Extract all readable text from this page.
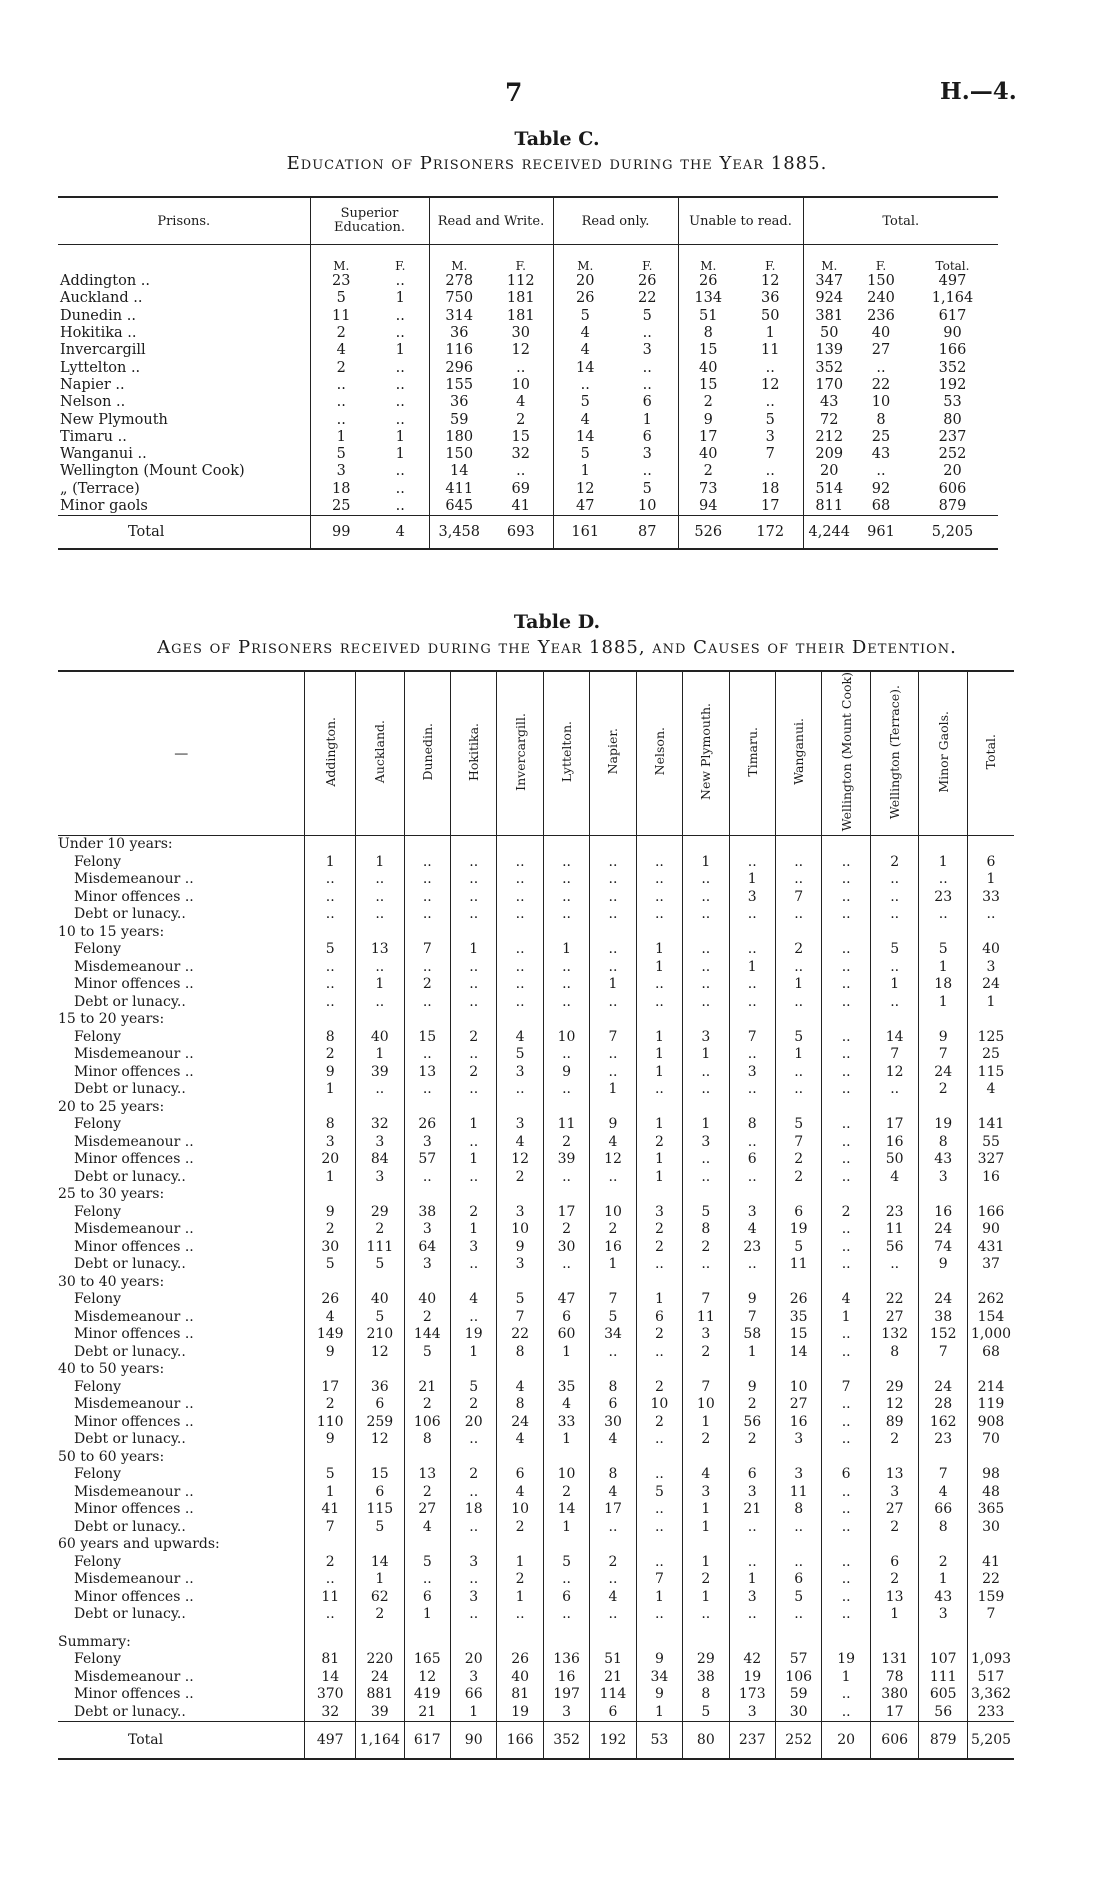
7	H.—4.
Table C.
Education of Prisoners received during the Year 1885.
Prisons.	Superior Education.		Read and Write.		Read only.		Unable to read.		Total.		
	M.	F.	M.	F.	M.	F.	M.	F.	M.	F.	Total.
Addington ..	23	..	278	112	20	26	26	12	347	150	497
Auckland ..	5	1	750	181	26	22	134	36	924	240	1,164
Dunedin ..	11	..	314	181	5	5	51	50	381	236	617
Hokitika ..	2	..	36	30	4	..	8	1	50	40	90
Invercargill	4	1	116	12	4	3	15	11	139	27	166
Lyttelton ..	2	..	296	..	14	..	40	..	352	..	352
Napier ..	..	..	155	10	..	..	15	12	170	22	192
Nelson ..	..	..	36	4	5	6	2	..	43	10	53
New Plymouth	..	..	59	2	4	1	9	5	72	8	80
Timaru ..	1	1	180	15	14	6	17	3	212	25	237
Wanganui ..	5	1	150	32	5	3	40	7	209	43	252
Wellington (Mount Cook)	3	..	14	..	1	..	2	..	20	..	20
„ (Terrace)	18	..	411	69	12	5	73	18	514	92	606
Minor gaols	25	..	645	41	47	10	94	17	811	68	879
Total	99	4	3,458	693	161	87	526	172	4,244	961	5,205
Table D.
Ages of Prisoners received during the Year 1885, and Causes of their Detention.
—	Addington.	Auckland.	Dunedin.	Hokitika.	Invercargill.	Lyttelton.	Napier.	Nelson.	New Plymouth.	Timaru.	Wanganui.	Wellington (Mount Cook)	Wellington (Terrace).	Minor Gaols.	Total.
Under 10 years:															
Felony	1	1	..	..	..	..	..	..	1	..	..	..	2	1	6
Misdemeanour ..	..	..	..	..	..	..	..	..	..	1	..	..	..	..	1
Minor offences ..	..	..	..	..	..	..	..	..	..	3	7	..	..	23	33
Debt or lunacy..	..	..	..	..	..	..	..	..	..	..	..	..	..	..	..
10 to 15 years:															
Felony	5	13	7	1	..	1	..	1	..	..	2	..	5	5	40
Misdemeanour ..	..	..	..	..	..	..	..	1	..	1	..	..	..	1	3
Minor offences ..	..	1	2	..	..	..	1	..	..	..	1	..	1	18	24
Debt or lunacy..	..	..	..	..	..	..	..	..	..	..	..	..	..	1	1
15 to 20 years:															
Felony	8	40	15	2	4	10	7	1	3	7	5	..	14	9	125
Misdemeanour ..	2	1	..	..	5	..	..	1	1	..	1	..	7	7	25
Minor offences ..	9	39	13	2	3	9	..	1	..	3	..	..	12	24	115
Debt or lunacy..	1	..	..	..	..	..	1	..	..	..	..	..	..	2	4
20 to 25 years:															
Felony	8	32	26	1	3	11	9	1	1	8	5	..	17	19	141
Misdemeanour ..	3	3	3	..	4	2	4	2	3	..	7	..	16	8	55
Minor offences ..	20	84	57	1	12	39	12	1	..	6	2	..	50	43	327
Debt or lunacy..	1	3	..	..	2	..	..	1	..	..	2	..	4	3	16
25 to 30 years:															
Felony	9	29	38	2	3	17	10	3	5	3	6	2	23	16	166
Misdemeanour ..	2	2	3	1	10	2	2	2	8	4	19	..	11	24	90
Minor offences ..	30	111	64	3	9	30	16	2	2	23	5	..	56	74	431
Debt or lunacy..	5	5	3	..	3	..	1	..	..	..	11	..	..	9	37
30 to 40 years:															
Felony	26	40	40	4	5	47	7	1	7	9	26	4	22	24	262
Misdemeanour ..	4	5	2	..	7	6	5	6	11	7	35	1	27	38	154
Minor offences ..	149	210	144	19	22	60	34	2	3	58	15	..	132	152	1,000
Debt or lunacy..	9	12	5	1	8	1	..	..	2	1	14	..	8	7	68
40 to 50 years:															
Felony	17	36	21	5	4	35	8	2	7	9	10	7	29	24	214
Misdemeanour ..	2	6	2	2	8	4	6	10	10	2	27	..	12	28	119
Minor offences ..	110	259	106	20	24	33	30	2	1	56	16	..	89	162	908
Debt or lunacy..	9	12	8	..	4	1	4	..	2	2	3	..	2	23	70
50 to 60 years:															
Felony	5	15	13	2	6	10	8	..	4	6	3	6	13	7	98
Misdemeanour ..	1	6	2	..	4	2	4	5	3	3	11	..	3	4	48
Minor offences ..	41	115	27	18	10	14	17	..	1	21	8	..	27	66	365
Debt or lunacy..	7	5	4	..	2	1	..	..	1	..	..	..	2	8	30
60 years and upwards:															
Felony	2	14	5	3	1	5	2	..	1	..	..	..	6	2	41
Misdemeanour ..	..	1	..	..	2	..	..	7	2	1	6	..	2	1	22
Minor offences ..	11	62	6	3	1	6	4	1	1	3	5	..	13	43	159
Debt or lunacy..	..	2	1	..	..	..	..	..	..	..	..	..	1	3	7

Summary:															
Felony	81	220	165	20	26	136	51	9	29	42	57	19	131	107	1,093
Misdemeanour ..	14	24	12	3	40	16	21	34	38	19	106	1	78	111	517
Minor offences ..	370	881	419	66	81	197	114	9	8	173	59	..	380	605	3,362
Debt or lunacy..	32	39	21	1	19	3	6	1	5	3	30	..	17	56	233
Total	497	1,164	617	90	166	352	192	53	80	237	252	20	606	879	5,205
